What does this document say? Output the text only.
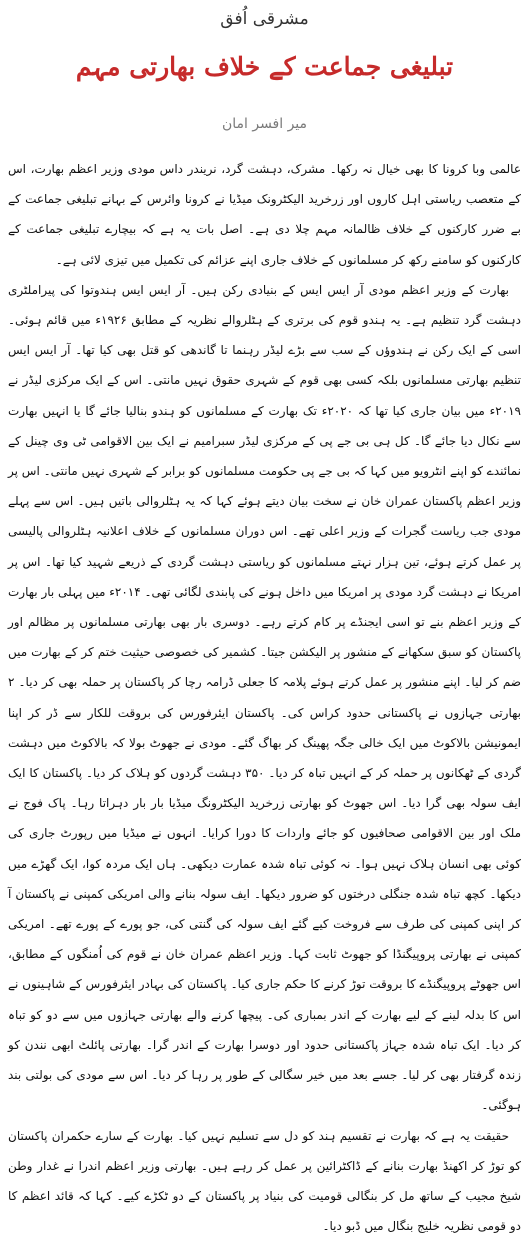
مشرقی اُفق
تبلیغی جماعت کے خلاف بھارتی مہم
میر افسر امان

عالمی وبا کرونا کا بھی خیال نہ رکھا۔ مشرک، دہشت گرد، نریندر داس مودی وزیر اعظم بھارت، اس کے متعصب ریاستی اہل کاروں اور زرخرید الیکٹرونک میڈیا نے کرونا وائرس کے بہانے تبلیغی جماعت کے بے ضرر کارکنوں کے خلاف ظالمانہ مہم چلا دی ہے۔ اصل بات یہ ہے کہ بیچارے تبلیغی جماعت کے کارکنوں کو سامنے رکھ کر مسلمانوں کے خلاف جاری اپنے عزائم کی تکمیل میں تیزی لائی ہے۔

بھارت کے وزیر اعظم مودی آر ایس ایس کے بنیادی رکن ہیں۔ آر ایس ایس ہندوتوا کی پیراملٹری دہشت گرد تنظیم ہے۔ یہ ہندو قوم کی برتری کے ہٹلروالے نظریہ کے مطابق ۱۹۲۶ء میں قائم ہوئی۔ اسی کے ایک رکن نے ہندوؤں کے سب سے بڑے لیڈر رہنما تا گاندھی کو قتل بھی کیا تھا۔ آر ایس ایس تنظیم بھارتی مسلمانوں بلکہ کسی بھی قوم کے شہری حقوق نہیں مانتی۔ اس کے ایک مرکزی لیڈر نے ۲۰۱۹ء میں بیان جاری کیا تھا کہ ۲۰۲۰ء تک بھارت کے مسلمانوں کو ہندو بنالیا جائے گا یا انہیں بھارت سے نکال دیا جائے گا۔ کل ہی بی جے پی کے مرکزی لیڈر سبرامیم نے ایک بین الاقوامی ٹی وی چینل کے نمائندے کو اپنے انٹرویو میں کہا کہ بی جے پی حکومت مسلمانوں کو برابر کے شہری نہیں مانتی۔ اس پر وزیر اعظم پاکستان عمران خان نے سخت بیان دیتے ہوئے کہا کہ یہ ہٹلروالی باتیں ہیں۔ اس سے پہلے مودی جب ریاست گجرات کے وزیر اعلی تھے۔ اس دوران مسلمانوں کے خلاف اعلانیہ ہٹلروالی پالیسی پر عمل کرتے ہوئے، تین ہزار نہتے مسلمانوں کو ریاستی دہشت گردی کے ذریعے شہید کیا تھا۔ اس پر امریکا نے دہشت گرد مودی پر امریکا میں داخل ہونے کی پابندی لگائی تھی۔ ۲۰۱۴ء میں پہلی بار بھارت کے وزیر اعظم بنے تو اسی ایجنڈے پر کام کرتے رہے۔ دوسری بار بھی بھارتی مسلمانوں پر مظالم اور پاکستان کو سبق سکھانے کے منشور پر الیکشن جیتا۔ کشمیر کی خصوصی حیثیت ختم کر کے بھارت میں ضم کر لیا۔ اپنے منشور پر عمل کرتے ہوئے پلامہ کا جعلی ڈرامہ رچا کر پاکستان پر حملہ بھی کر دیا۔ ۲ بھارتی جہازوں نے پاکستانی حدود کراس کی۔ پاکستان ایئرفورس کی بروقت للکار سے ڈر کر اپنا ایمونیشن بالاکوٹ میں ایک خالی جگہ پھینگ کر بھاگ گئے۔ مودی نے جھوٹ بولا کہ بالاکوٹ میں دہشت گردی کے ٹھکانوں پر حملہ کر کے انہیں تباہ کر دیا۔ ۳۵۰ دہشت گردوں کو ہلاک کر دیا۔ پاکستان کا ایک ایف سولہ بھی گرا دیا۔ اس جھوٹ کو بھارتی زرخرید الیکٹرونگ میڈیا بار بار دہراتا رہا۔ پاک فوج نے ملک اور بین الاقوامی صحافیوں کو جائے واردات کا دورا کرایا۔ انہوں نے میڈیا میں رپورٹ جاری کی کوئی بھی انسان ہلاک نہیں ہوا۔ نہ کوئی تباہ شدہ عمارت دیکھی۔ ہاں ایک مردہ کوا، ایک گھڑے میں دیکھا۔ کچھ تباہ شدہ جنگلی درختوں کو ضرور دیکھا۔ ایف سولہ بنانے والی امریکی کمپنی نے پاکستان آ کر اپنی کمپنی کی طرف سے فروخت کیے گئے ایف سولہ کی گنتی کی، جو پورے کے پورے تھے۔ امریکی کمپنی نے بھارتی پروپیگنڈا کو جھوٹ ثابت کہا۔ وزیر اعظم عمران خان نے قوم کی اُمنگوں کے مطابق، اس جھوٹے پروپیگنڈے کا بروقت توڑ کرنے کا حکم جاری کیا۔ پاکستان کی بہادر ایئرفورس کے شاہینوں نے اس کا بدلہ لینے کے لیے بھارت کے اندر بمباری کی۔ پیچھا کرنے والے بھارتی جہازوں میں سے دو کو تباہ کر دیا۔ ایک تباہ شدہ جہاز پاکستانی حدود اور دوسرا بھارت کے اندر گرا۔ بھارتی پائلٹ ابھی نندن کو زندہ گرفتار بھی کر لیا۔ جسے بعد میں خیر سگالی کے طور پر رہا کر دیا۔ اس سے مودی کی بولتی بند ہوگئی۔

حقیقت یہ ہے کہ بھارت نے تقسیم ہند کو دل سے تسلیم نہیں کیا۔ بھارت کے سارے حکمران پاکستان کو توڑ کر اکھنڈ بھارت بنانے کے ڈاکٹرائین پر عمل کر رہے ہیں۔ بھارتی وزیر اعظم اندرا نے غدار وطن شیخ مجیب کے ساتھ مل کر بنگالی قومیت کی بنیاد پر پاکستان کے دو ٹکڑے کیے۔ کہا کہ قائد اعظم کا دو قومی نظریہ خلیج بنگال میں ڈبو دیا۔
